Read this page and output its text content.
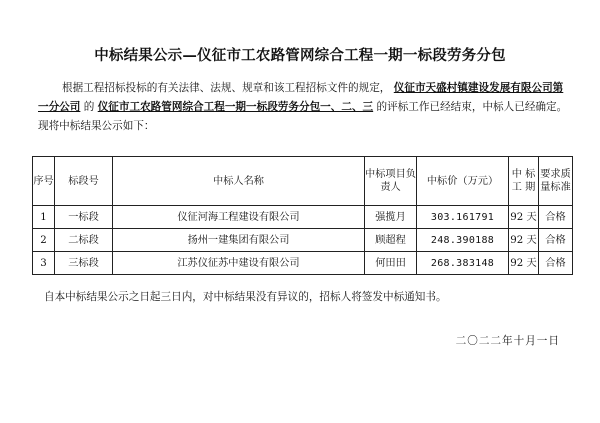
中标结果公示—仪征市工农路管网综合工程一期一标段劳务分包
根据工程招标投标的有关法律、法规、规章和该工程招标文件的规定， 仪征市天盛村镇建设发展有限公司第一分公司 的 仪征市工农路管网综合工程一期一标段劳务分包一、二、三 的评标工作已经结束，中标人已经确定。现将中标结果公示如下：
序号	标段号	中标人名称	中标项目负责人	中标价（万元）	中 标 工 期	要求质量标准
1	一标段	仪征河海工程建设有限公司	强揽月	303.161791	92 天	合格
2	二标段	扬州一建集团有限公司	顾超程	248.390188	92 天	合格
3	三标段	江苏仪征苏中建设有限公司	何田田	268.383148	92 天	合格
自本中标结果公示之日起三日内，对中标结果没有异议的，招标人将签发中标通知书。
二〇二二年十月一日
